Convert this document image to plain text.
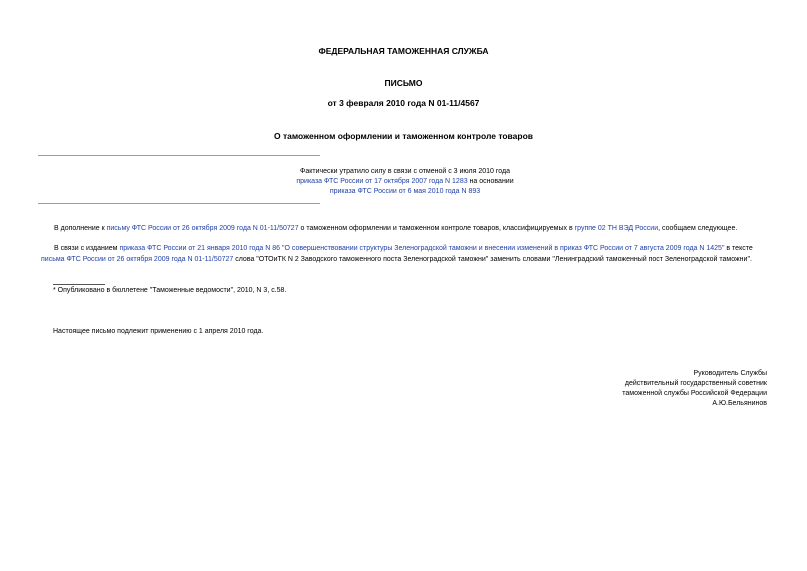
ФЕДЕРАЛЬНАЯ ТАМОЖЕННАЯ СЛУЖБА
ПИСЬМО
от 3 февраля 2010 года N 01-11/4567
О таможенном оформлении и таможенном контроле товаров
Фактически утратило силу в связи с отменой с 3 июля 2010 года
приказа ФТС России от 17 октября 2007 года N 1283 на основании
приказа ФТС России от 6 мая 2010 года N 893
В дополнение к письму ФТС России от 26 октября 2009 года N 01-11/50727 о таможенном оформлении и таможенном контроле товаров, классифицируемых в группе 02 ТН ВЭД России, сообщаем следующее.
В связи с изданием приказа ФТС России от 21 января 2010 года N 86 "О совершенствовании структуры Зеленоградской таможни и внесении изменений в приказ ФТС России от 7 августа 2009 года N 1425" в тексте письма ФТС России от 26 октября 2009 года N 01-11/50727 слова "ОТОиТК N 2 Заводского таможенного поста Зеленоградской таможни" заменить словами "Ленинградский таможенный пост Зеленоградской таможни".
* Опубликовано в бюллетене "Таможенные ведомости", 2010, N 3, с.58.
Настоящее письмо подлежит применению с 1 апреля 2010 года.
Руководитель Службы
действительный государственный советник
таможенной службы Российской Федерации
А.Ю.Бельянинов
